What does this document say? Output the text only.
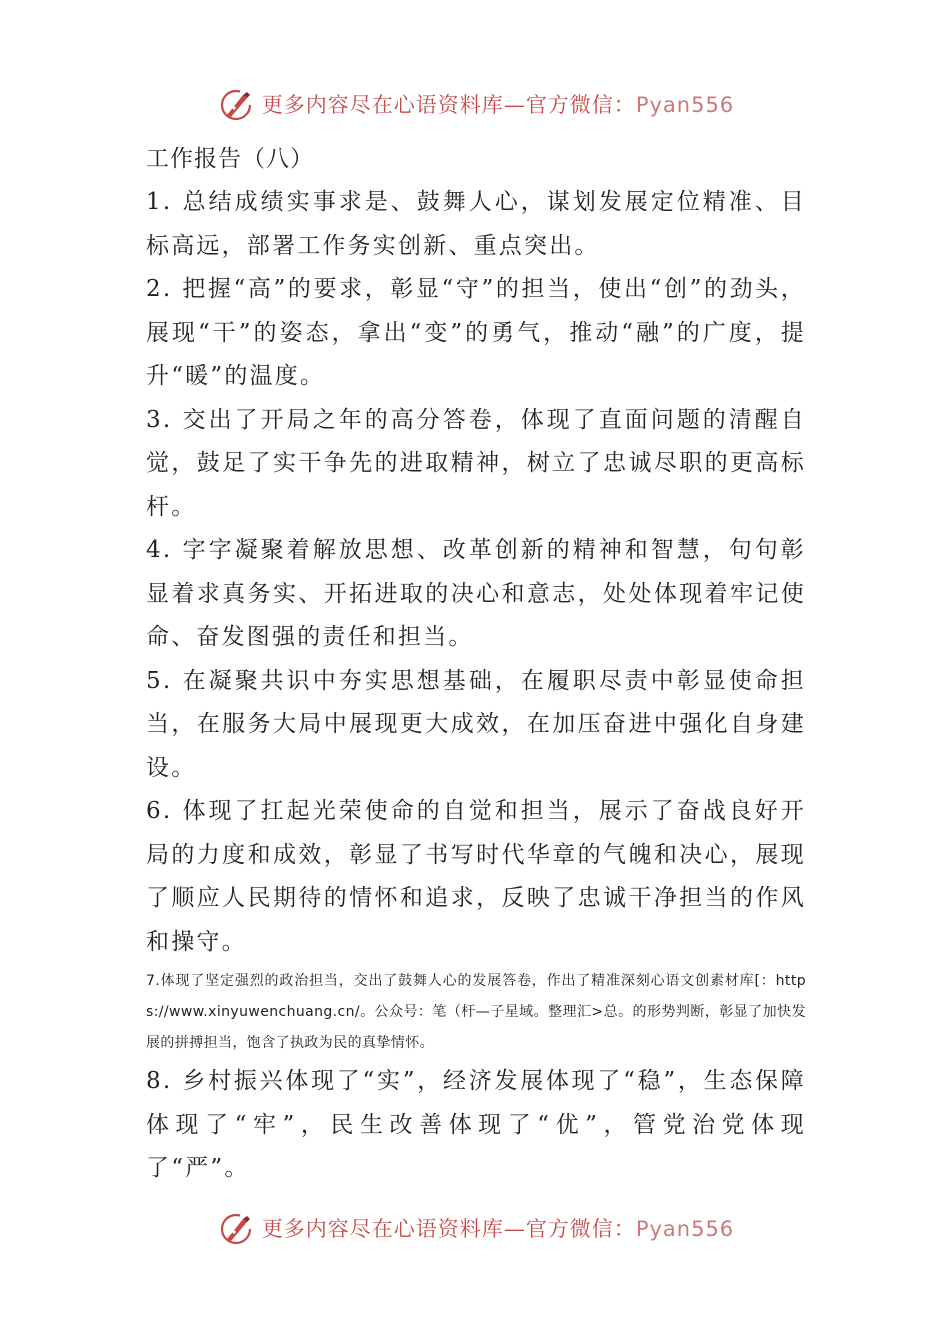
更多内容尽在心语资料库—官方微信：Pyan556
工作报告（八）

1. 总结成绩实事求是、鼓舞人心，谋划发展定位精准、目标高远，部署工作务实创新、重点突出。

2. 把握“高”的要求，彰显“守”的担当，使出“创”的劲头，展现“干”的姿态，拿出“变”的勇气，推动“融”的广度，提升“暖”的温度。

3. 交出了开局之年的高分答卷，体现了直面问题的清醒自觉，鼓足了实干争先的进取精神，树立了忠诚尽职的更高标杆。

4. 字字凝聚着解放思想、改革创新的精神和智慧，句句彰显着求真务实、开拓进取的决心和意志，处处体现着牢记使命、奋发图强的责任和担当。

5. 在凝聚共识中夯实思想基础，在履职尽责中彰显使命担当，在服务大局中展现更大成效，在加压奋进中强化自身建设。

6. 体现了扛起光荣使命的自觉和担当，展示了奋战良好开局的力度和成效，彰显了书写时代华章的气魄和决心，展现了顺应人民期待的情怀和追求，反映了忠诚干净担当的作风和操守。

7.体现了坚定强烈的政治担当，交出了鼓舞人心的发展答卷，作出了精准深刻心语文创素材库[：https://www.xinyuwenchuang.cn/。公众号：笔（杆—子星域。整理汇>总。的形势判断，彰显了加快发展的拼搏担当，饱含了执政为民的真挚情怀。

8. 乡村振兴体现了“实”，经济发展体现了“稳”，生态保障体现了“牢”，民生改善体现了“优”，管党治党体现了“严”。

更多内容尽在心语资料库—官方微信：Pyan556
